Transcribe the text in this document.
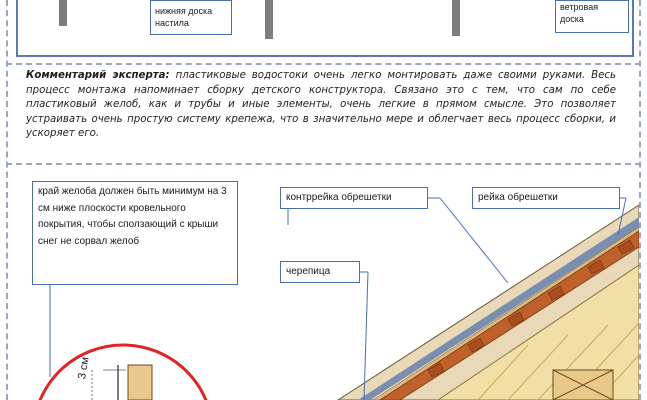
нижняя доска настила
ветровая доска

Комментарий эксперта: пластиковые водостоки очень легко монтировать даже своими руками. Весь процесс монтажа напоминает сборку детского конструктора. Связано это с тем, что сам по себе пластиковый желоб, как и трубы и иные элементы, очень легкие в прямом смысле. Это позволяет устраивать очень простую систему крепежа, что в значительно мере и облегчает весь процесс сборки, и ускоряет его.

край желоба должен быть минимум на 3 см ниже плоскости кровельного покрытия, чтобы сползающий с крыши снег не сорвал желоб
контррейка обрешетки	рейка обрешетки
черепица
3 см
